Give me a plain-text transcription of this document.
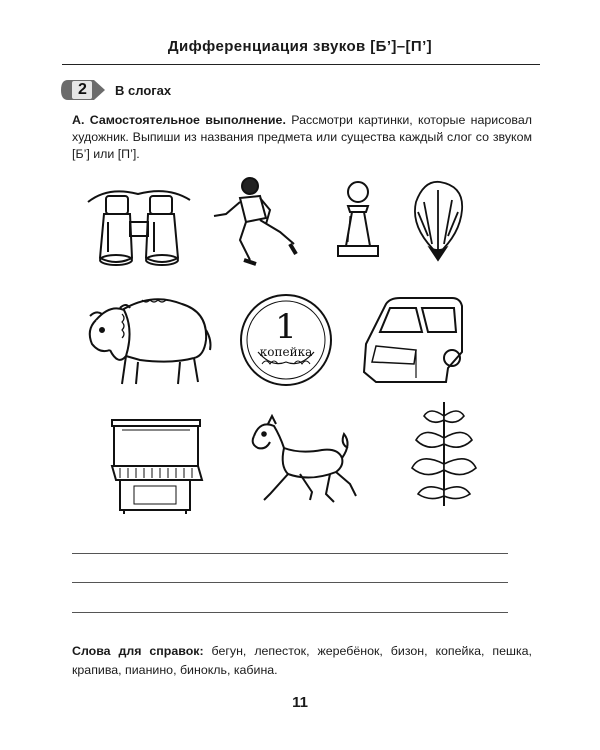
Дифференциация звуков [Б’]–[П’]
2 В слогах
А. Самостоятельное выполнение. Рассмотри картинки, которые нарисовал художник. Выпиши из названия предмета или существа каждый слог со звуком [Б’] или [П’].
1
копейка
Слова для справок: бегун, лепесток, жеребёнок, бизон, копейка, пешка, крапива, пианино, бинокль, кабина.
11
